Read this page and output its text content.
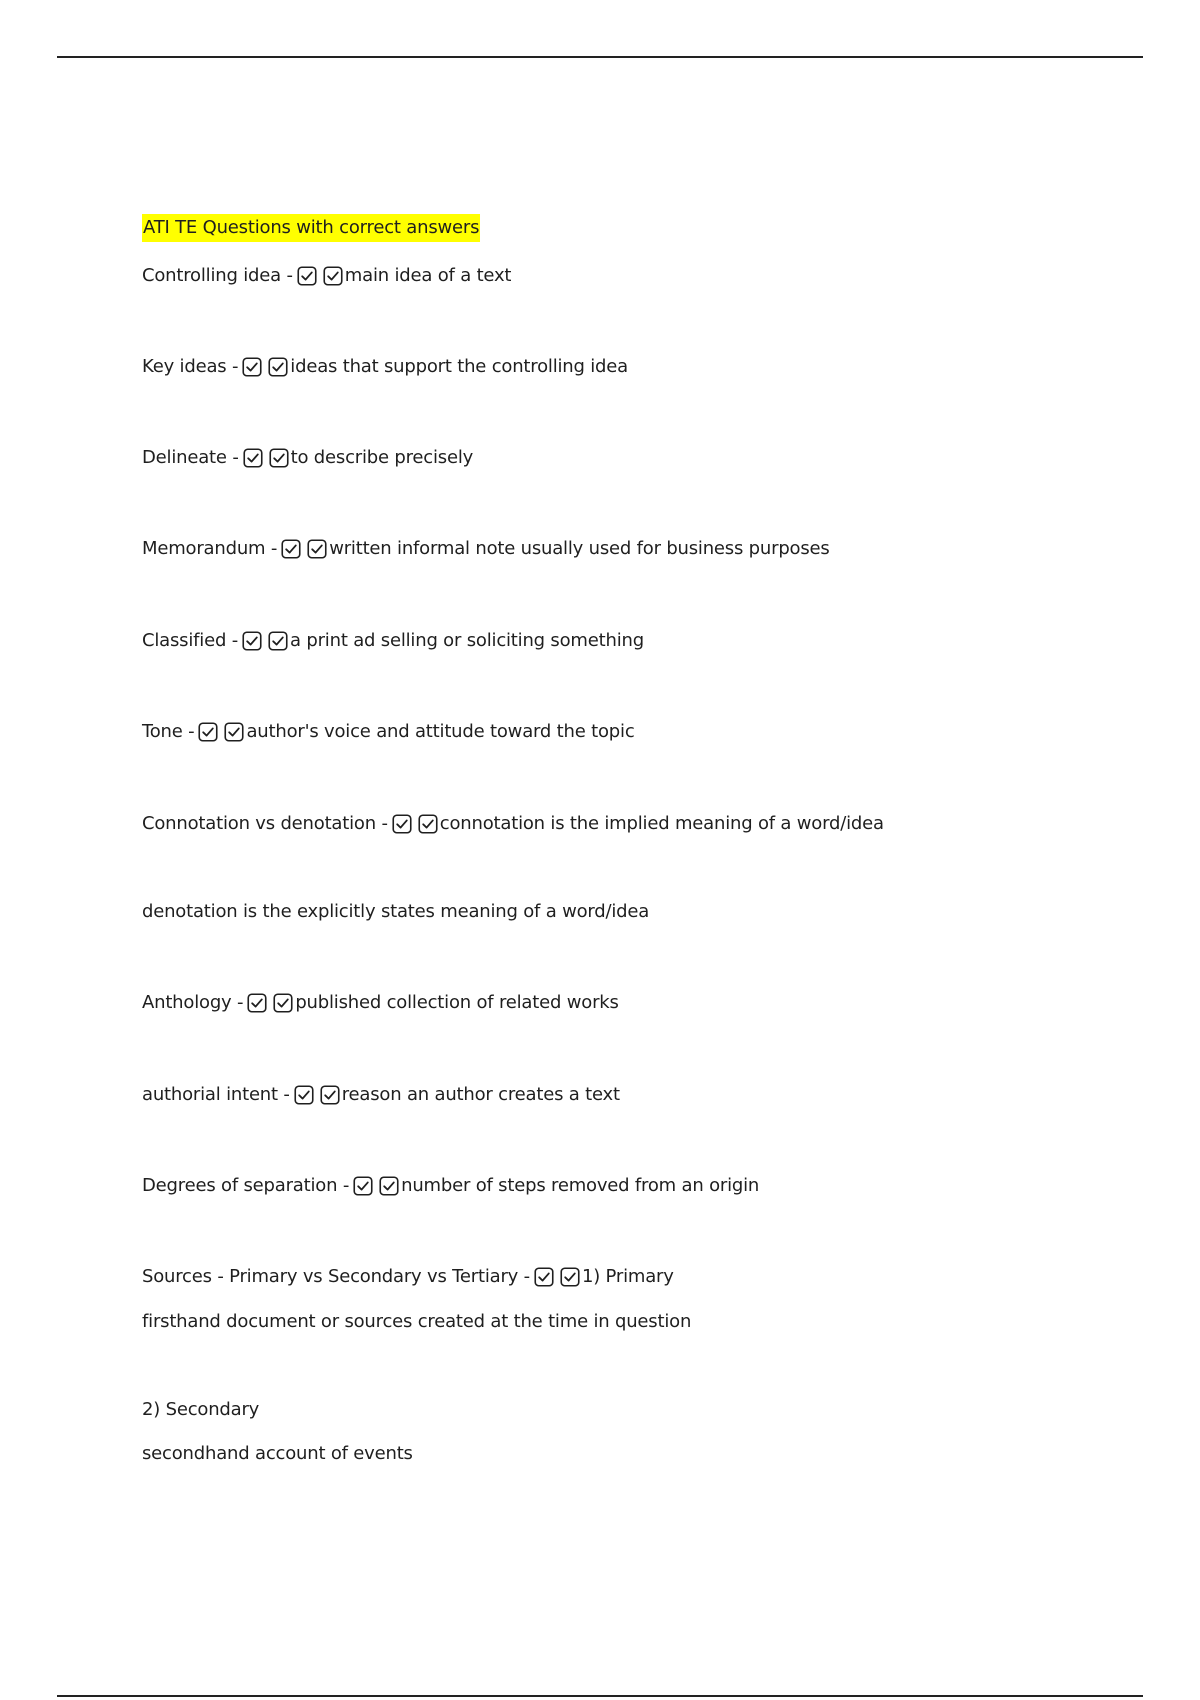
ATI TE Questions with correct answers
Controlling idea -	main idea of a text
Key ideas -	ideas that support the controlling idea
Delineate -	to describe precisely
Memorandum -	written informal note usually used for business purposes
Classified -	a print ad selling or soliciting something
Tone -	author's voice and attitude toward the topic
Connotation vs denotation -	connotation is the implied meaning of a word/idea
denotation is the explicitly states meaning of a word/idea
Anthology -	published collection of related works
authorial intent -	reason an author creates a text
Degrees of separation -	number of steps removed from an origin
Sources - Primary vs Secondary vs Tertiary -	1) Primary
firsthand document or sources created at the time in question
2) Secondary
secondhand account of events
